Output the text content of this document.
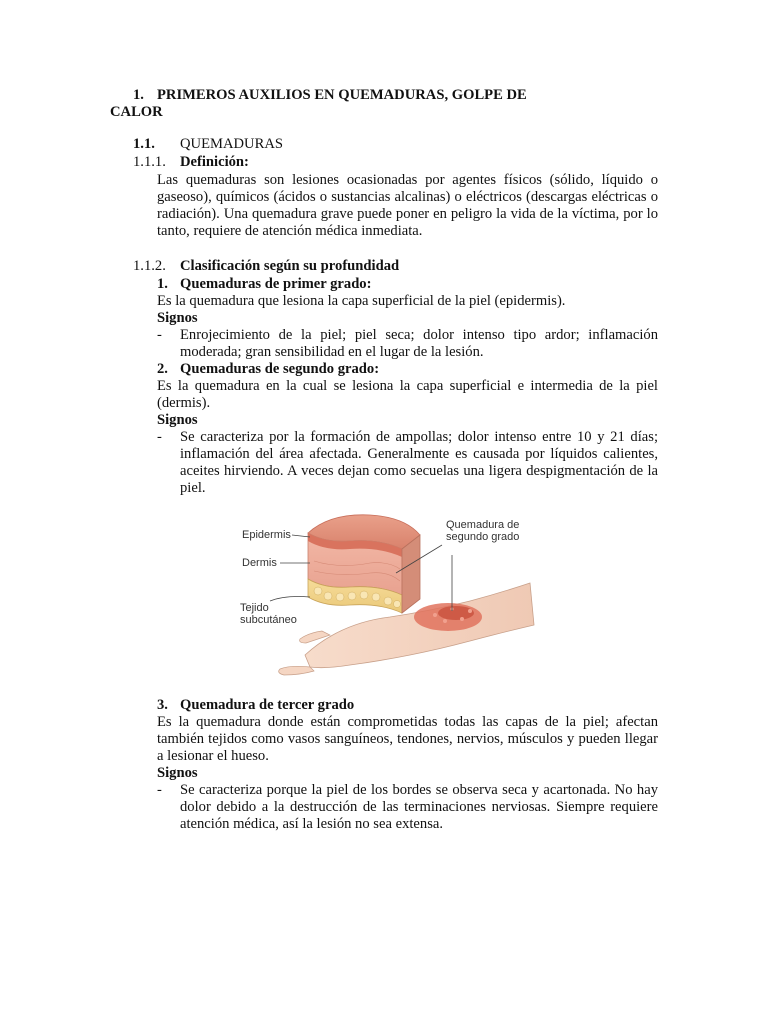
1. PRIMEROS AUXILIOS EN QUEMADURAS, GOLPE DE
CALOR
1.1. QUEMADURAS
1.1.1. Definición:
Las quemaduras son lesiones ocasionadas por agentes físicos (sólido, líquido o gaseoso), químicos (ácidos o sustancias alcalinas) o eléctricos (descargas eléctricas o radiación). Una quemadura grave puede poner en peligro la vida de la víctima, por lo tanto, requiere de atención médica inmediata.
1.1.2. Clasificación según su profundidad
1. Quemaduras de primer grado:
Es la quemadura que lesiona la capa superficial de la piel (epidermis).
Signos
- Enrojecimiento de la piel; piel seca; dolor intenso tipo ardor; inflamación moderada; gran sensibilidad en el lugar de la lesión.
2. Quemaduras de segundo grado:
Es la quemadura en la cual se lesiona la capa superficial e intermedia de la piel (dermis).
Signos
- Se caracteriza por la formación de ampollas; dolor intenso entre 10 y 21 días; inflamación del área afectada. Generalmente es causada por líquidos calientes, aceites hirviendo. A veces dejan como secuelas una ligera despigmentación de la piel.
Epidermis
Dermis
Tejido
subcutáneo
Quemadura de
segundo grado
3. Quemadura de tercer grado
Es la quemadura donde están comprometidas todas las capas de la piel; afectan también tejidos como vasos sanguíneos, tendones, nervios, músculos y pueden llegar a lesionar el hueso.
Signos
- Se caracteriza porque la piel de los bordes se observa seca y acartonada. No hay dolor debido a la destrucción de las terminaciones nerviosas. Siempre requiere atención médica, así la lesión no sea extensa.
